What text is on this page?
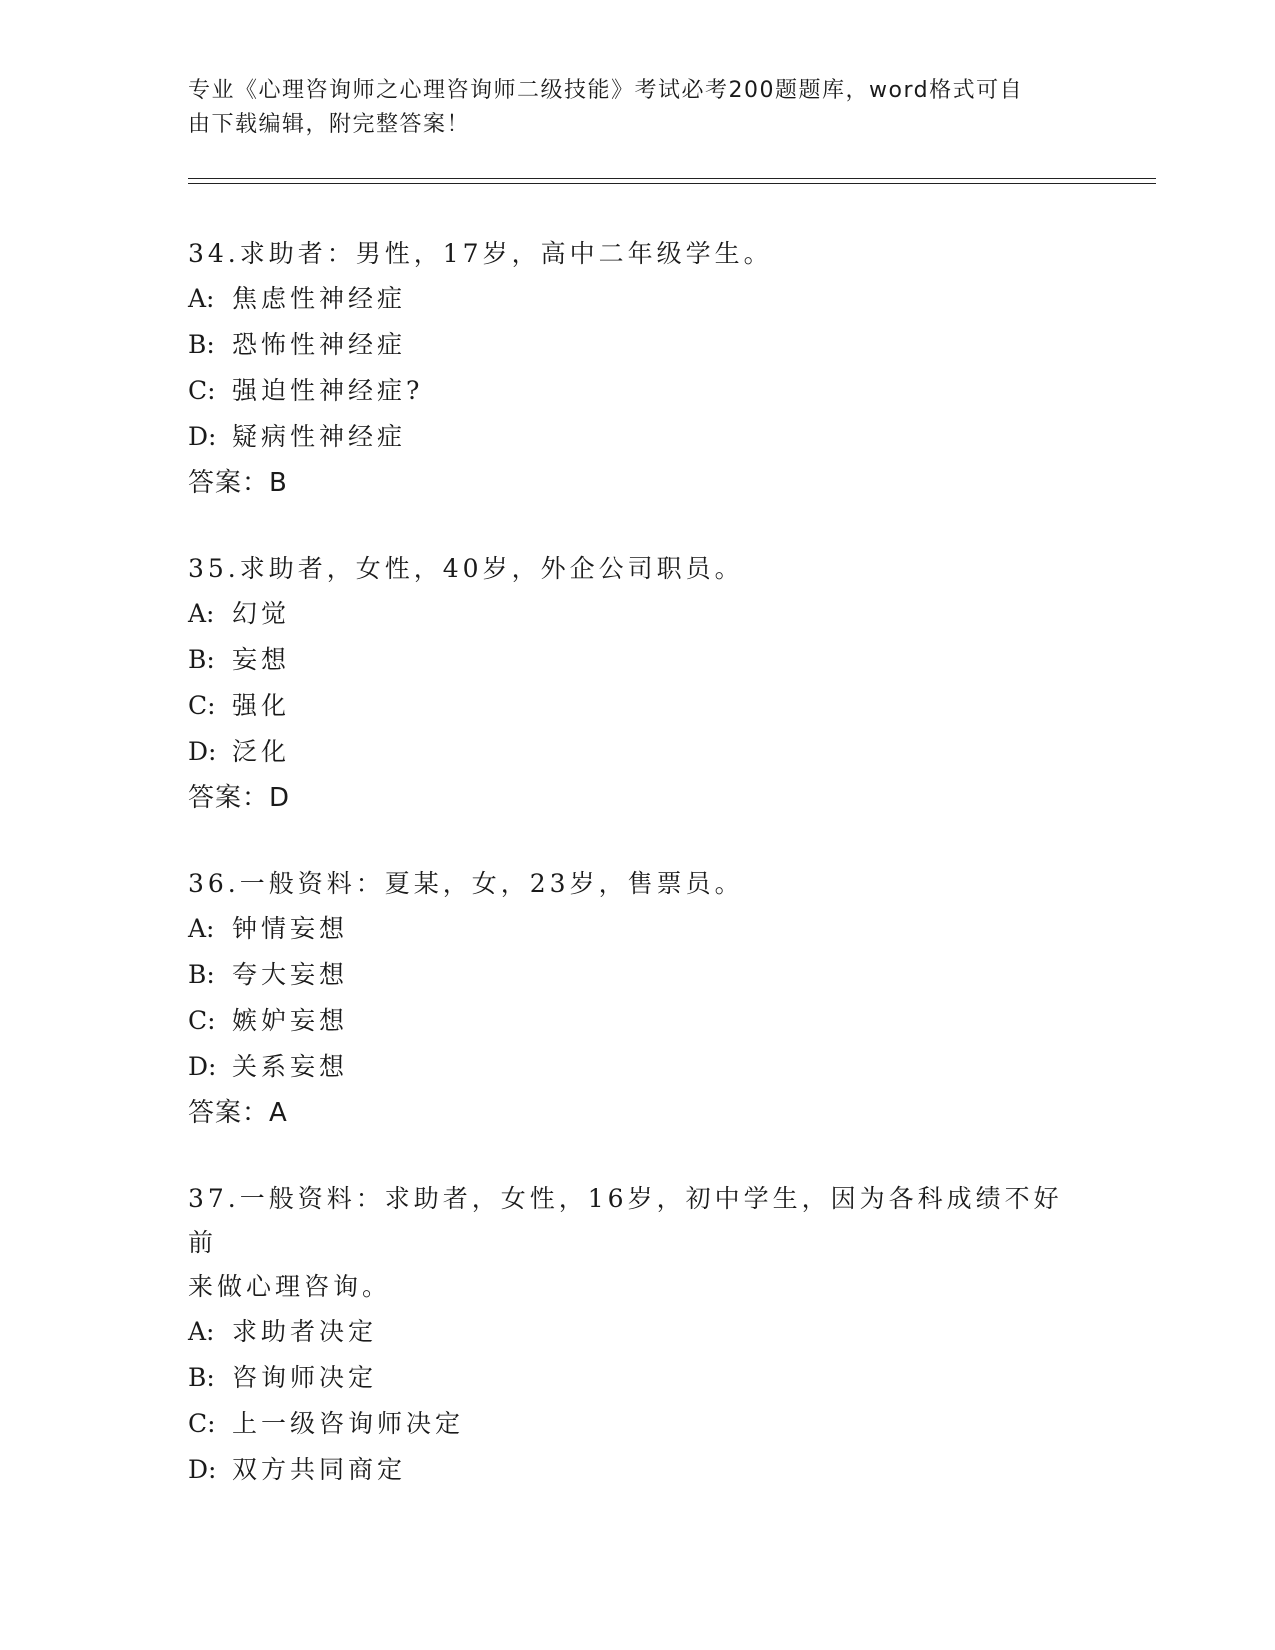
专业《心理咨询师之心理咨询师二级技能》考试必考200题题库，word格式可自
由下载编辑，附完整答案！

34.求助者：男性，17岁，高中二年级学生。

A: 焦虑性神经症

B: 恐怖性神经症

C: 强迫性神经症?

D: 疑病性神经症

答案： B

35.求助者，女性，40岁，外企公司职员。

A: 幻觉

B: 妄想

C: 强化

D: 泛化

答案： D

36.一般资料：夏某，女，23岁，售票员。

A: 钟情妄想

B: 夸大妄想

C: 嫉妒妄想

D: 关系妄想

答案： A

37.一般资料：求助者，女性，16岁，初中学生，因为各科成绩不好前

来做心理咨询。

A: 求助者决定

B: 咨询师决定

C: 上一级咨询师决定

D: 双方共同商定
